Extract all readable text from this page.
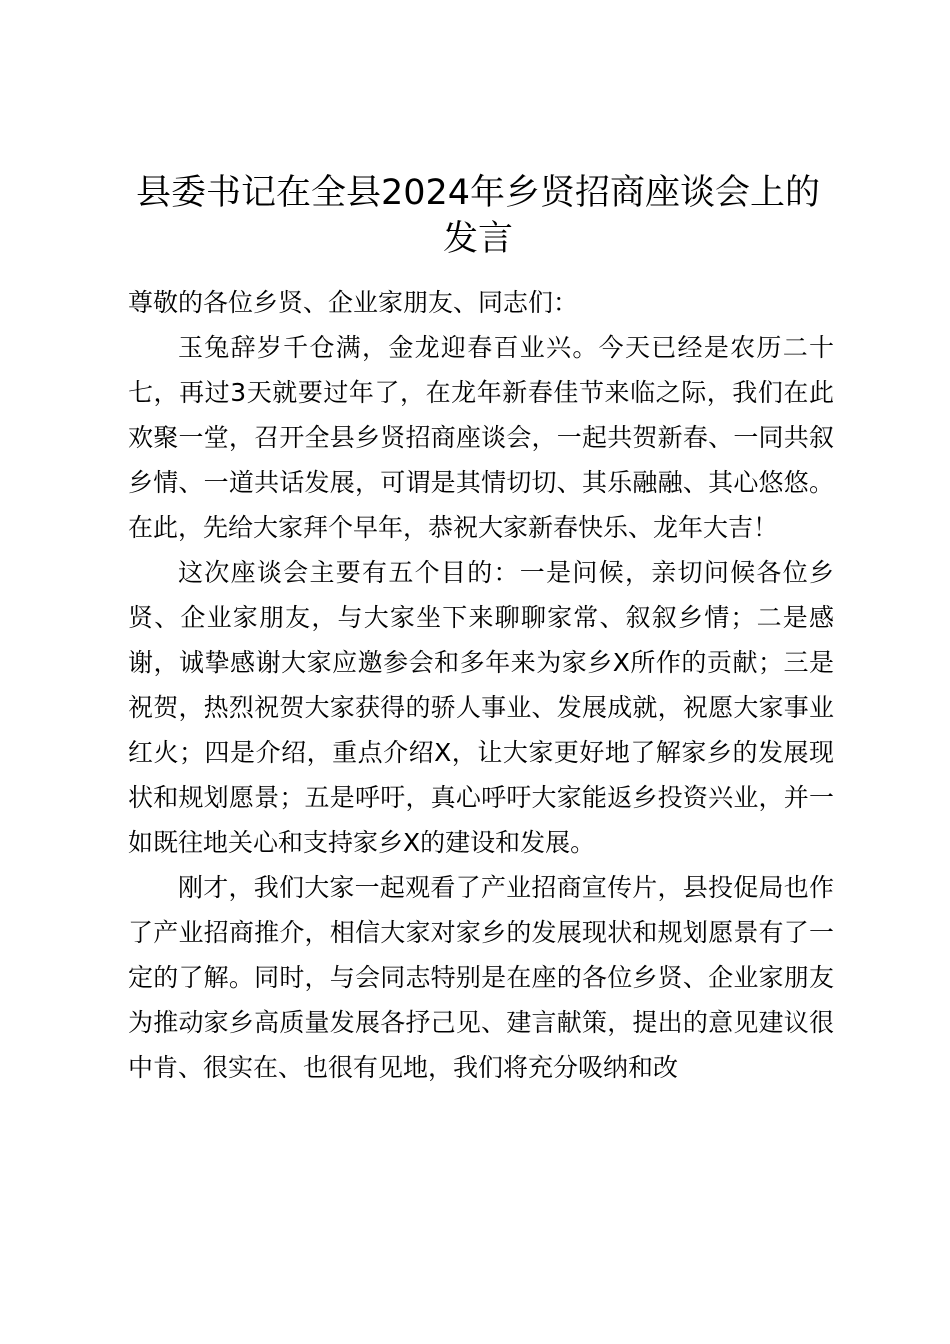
县委书记在全县2024年乡贤招商座谈会上的发言

尊敬的各位乡贤、企业家朋友、同志们：

玉兔辞岁千仓满，金龙迎春百业兴。今天已经是农历二十七，再过3天就要过年了，在龙年新春佳节来临之际，我们在此欢聚一堂，召开全县乡贤招商座谈会，一起共贺新春、一同共叙乡情、一道共话发展，可谓是其情切切、其乐融融、其心悠悠。在此，先给大家拜个早年，恭祝大家新春快乐、龙年大吉！

这次座谈会主要有五个目的：一是问候，亲切问候各位乡贤、企业家朋友，与大家坐下来聊聊家常、叙叙乡情；二是感谢，诚挚感谢大家应邀参会和多年来为家乡X所作的贡献；三是祝贺，热烈祝贺大家获得的骄人事业、发展成就，祝愿大家事业红火；四是介绍，重点介绍X，让大家更好地了解家乡的发展现状和规划愿景；五是呼吁，真心呼吁大家能返乡投资兴业，并一如既往地关心和支持家乡X的建设和发展。

刚才，我们大家一起观看了产业招商宣传片，县投促局也作了产业招商推介，相信大家对家乡的发展现状和规划愿景有了一定的了解。同时，与会同志特别是在座的各位乡贤、企业家朋友为推动家乡高质量发展各抒己见、建言献策，提出的意见建议很中肯、很实在、也很有见地，我们将充分吸纳和改
